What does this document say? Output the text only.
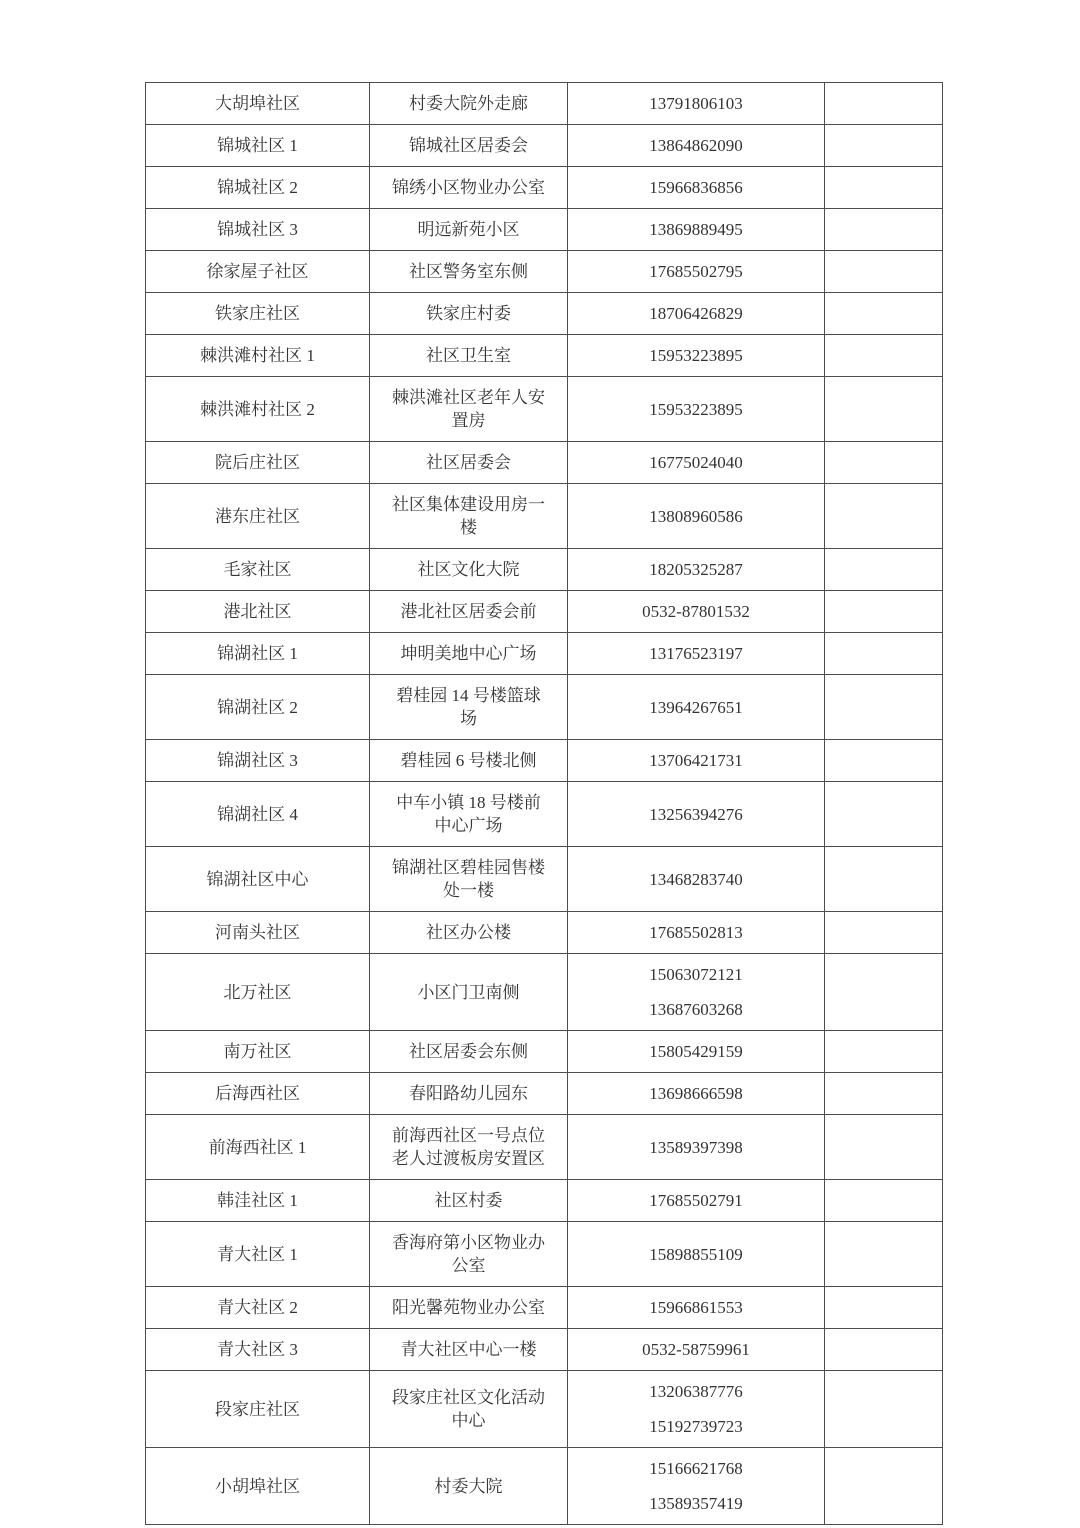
大胡埠社区	村委大院外走廊	13791806103	

锦城社区 1	锦城社区居委会	13864862090	

锦城社区 2	锦绣小区物业办公室	15966836856	

锦城社区 3	明远新苑小区	13869889495	

徐家屋子社区	社区警务室东侧	17685502795	

铁家庄社区	铁家庄村委	18706426829	

棘洪滩村社区 1	社区卫生室	15953223895	

棘洪滩村社区 2	棘洪滩社区老年人安置房	15953223895	

院后庄社区	社区居委会	16775024040	

港东庄社区	社区集体建设用房一楼	13808960586	

毛家社区	社区文化大院	18205325287	

港北社区	港北社区居委会前	0532-87801532	

锦湖社区 1	坤明美地中心广场	13176523197	

锦湖社区 2	碧桂园 14 号楼篮球场	13964267651	

锦湖社区 3	碧桂园 6 号楼北侧	13706421731	

锦湖社区 4	中车小镇 18 号楼前中心广场	13256394276	

锦湖社区中心	锦湖社区碧桂园售楼处一楼	13468283740	

河南头社区	社区办公楼	17685502813	

北万社区	小区门卫南侧	15063072121
13687603268	

南万社区	社区居委会东侧	15805429159	

后海西社区	春阳路幼儿园东	13698666598	

前海西社区 1	前海西社区一号点位老人过渡板房安置区	13589397398	

韩洼社区 1	社区村委	17685502791	

青大社区 1	香海府第小区物业办公室	15898855109	

青大社区 2	阳光馨苑物业办公室	15966861553	

青大社区 3	青大社区中心一楼	0532-58759961	

段家庄社区	段家庄社区文化活动中心	13206387776
15192739723	

小胡埠社区	村委大院	15166621768
13589357419	
